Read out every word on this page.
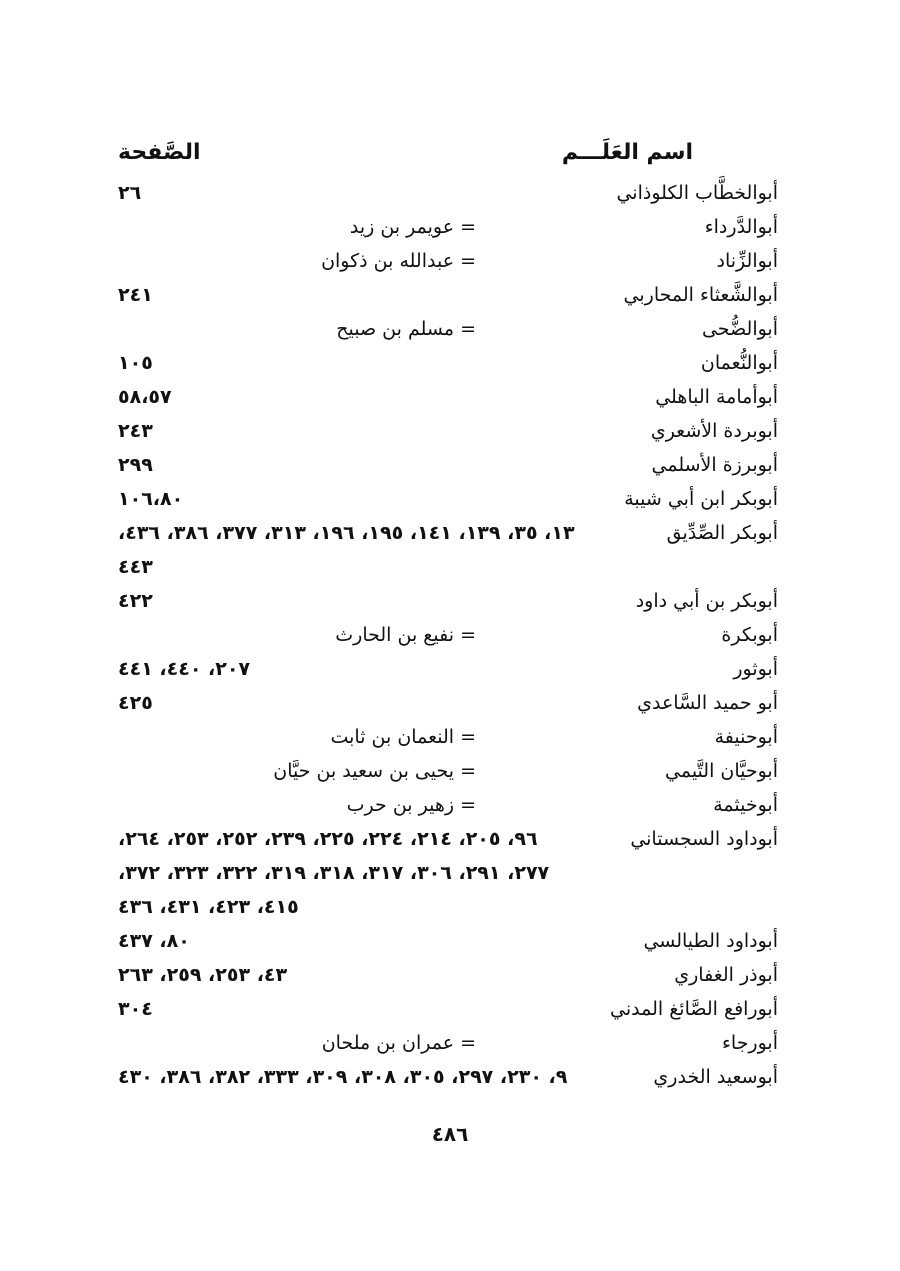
اسم العَلَـــم
الصَّفحة
أبوالخطَّاب الكلوذاني
٢٦
أبوالدَّرداء
= عويمر بن زيد
أبوالزِّناد
= عبدالله بن ذكوان
أبوالشَّعثاء المحاربي
٢٤١
أبوالضُّحى
= مسلم بن صبيح
أبوالنُّعمان
١٠٥
أبوأمامة الباهلي
٥٨،٥٧
أبوبردة الأشعري
٢٤٣
أبوبرزة الأسلمي
٢٩٩
أبوبكر ابن أبي شيبة
١٠٦،٨٠
أبوبكر الصِّدِّيق
١٣، ٣٥، ١٣٩، ١٤١، ١٩٥، ١٩٦، ٣١٣، ٣٧٧، ٣٨٦، ٤٣٦،
٤٤٣
أبوبكر بن أبي داود
٤٢٢
أبوبكرة
= نفيع بن الحارث
أبوثور
٢٠٧، ٤٤٠، ٤٤١
أبو حميد السَّاعدي
٤٢٥
أبوحنيفة
= النعمان بن ثابت
أبوحيَّان التَّيمي
= يحيى بن سعيد بن حيَّان
أبوخيثمة
= زهير بن حرب
أبوداود السجستاني
٩٦، ٢٠٥، ٢١٤، ٢٢٤، ٢٢٥، ٢٣٩، ٢٥٢، ٢٥٣، ٢٦٤،
٢٧٧، ٢٩١، ٣٠٦، ٣١٧، ٣١٨، ٣١٩، ٣٢٢، ٣٢٣، ٣٧٢،
٤١٥، ٤٢٣، ٤٣١، ٤٣٦
أبوداود الطيالسي
٨٠، ٤٣٧
أبوذر الغفاري
٤٣، ٢٥٣، ٢٥٩، ٢٦٣
أبورافع الصَّائغ المدني
٣٠٤
أبورجاء
= عمران بن ملحان
أبوسعيد الخدري
٩، ٢٣٠، ٢٩٧، ٣٠٥، ٣٠٨، ٣٠٩، ٣٣٣، ٣٨٢، ٣٨٦، ٤٣٠
٤٨٦
